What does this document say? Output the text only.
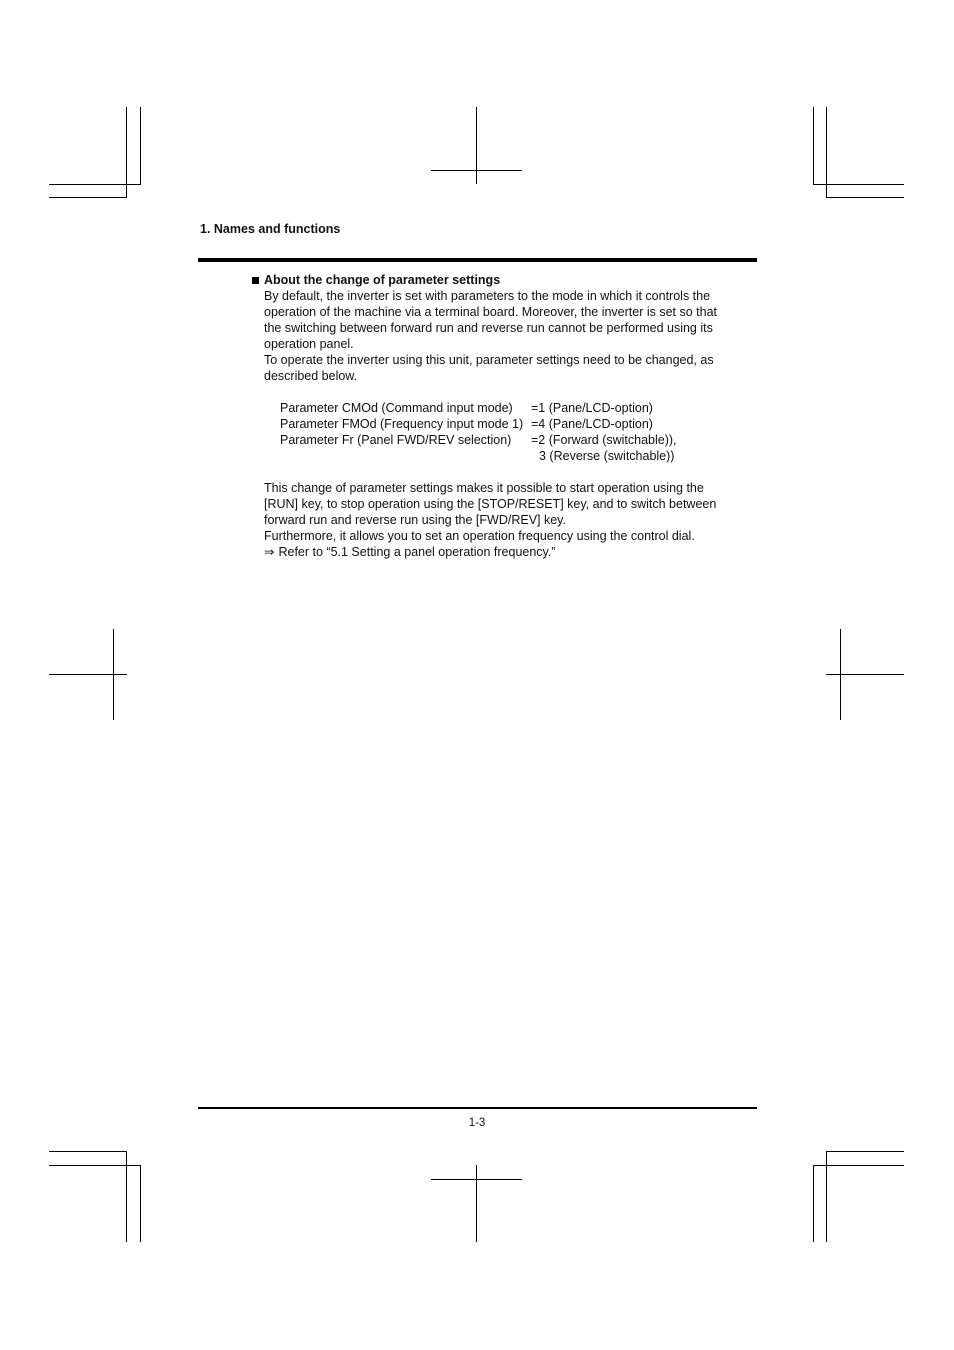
1. Names and functions
About the change of parameter settings

By default, the inverter is set with parameters to the mode in which it controls the

operation of the machine via a terminal board. Moreover, the inverter is set so that

the switching between forward run and reverse run cannot be performed using its

operation panel.

To operate the inverter using this unit, parameter settings need to be changed, as

described below.

Parameter CMOd (Command input mode)	=1 (Pane/LCD-option)
Parameter FMOd (Frequency input mode 1) =4 (Pane/LCD-option)
Parameter Fr (Panel FWD/REV selection)	=2 (Forward (switchable)),
3 (Reverse (switchable))

This change of parameter settings makes it possible to start operation using the

[RUN] key, to stop operation using the [STOP/RESET] key, and to switch between

forward run and reverse run using the [FWD/REV] key.

Furthermore, it allows you to set an operation frequency using the control dial.

⇒ Refer to “5.1 Setting a panel operation frequency.”

1-3
